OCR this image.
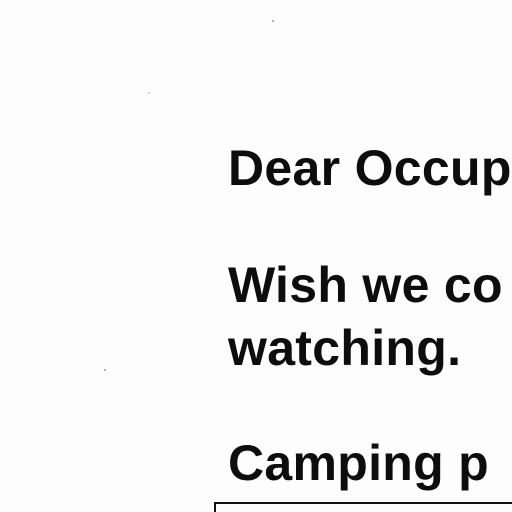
Dear Occup

Wish we co

watching.

Camping p
